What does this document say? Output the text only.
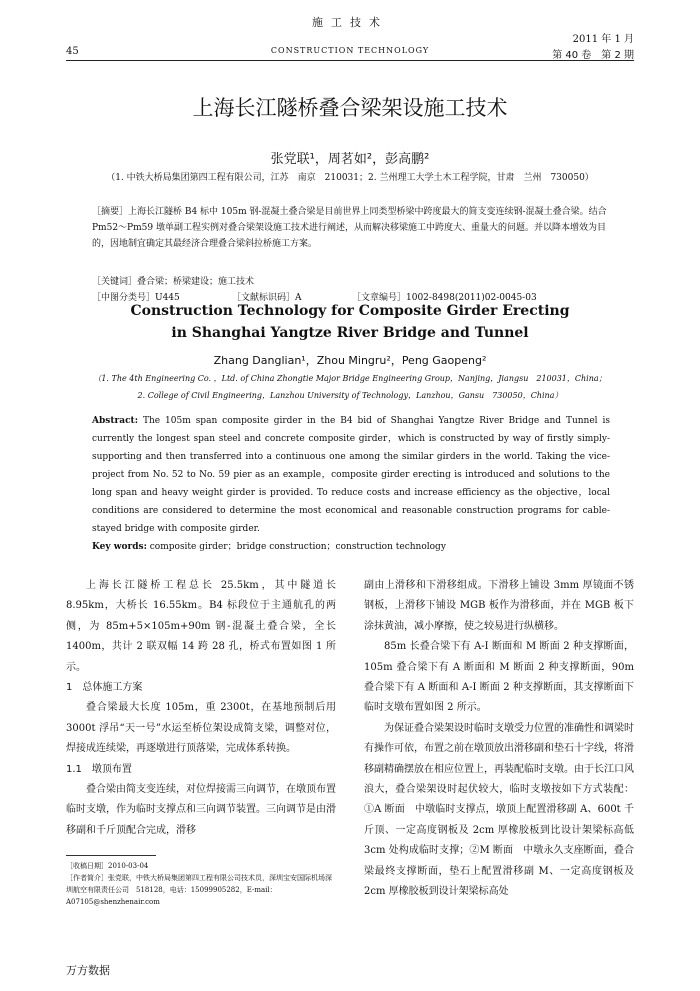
施工技术
2011 年 1 月
45	CONSTRUCTION TECHNOLOGY	第 40 卷　第 2 期
上海长江隧桥叠合梁架设施工技术
张党联¹，周茗如²，彭高鹏²
（1. 中铁大桥局集团第四工程有限公司，江苏　南京　210031；2. 兰州理工大学土木工程学院，甘肃　兰州　730050）

［摘要］上海长江隧桥 B4 标中 105m 钢-混凝土叠合梁是目前世界上同类型桥梁中跨度最大的简支变连续钢-混凝土叠合梁。结合 Pm52～Pm59 墩单副工程实例对叠合梁架设施工技术进行阐述，从而解决移梁施工中跨度大、重量大的问题。并以降本增效为目的，因地制宜确定其最经济合理叠合梁斜拉桥施工方案。

［关键词］叠合梁；桥梁建设；施工技术
［中图分类号］U445	［文献标识码］A	［文章编号］1002-8498(2011)02-0045-03
Construction Technology for Composite Girder Erecting
in Shanghai Yangtze River Bridge and Tunnel
Zhang Danglian¹，Zhou Mingru²，Peng Gaopeng²
（1. The 4th Engineering Co. ，Ltd. of China Zhongtie Major Bridge Engineering Group，Nanjing，Jiangsu　210031，China；
2. College of Civil Engineering，Lanzhou University of Technology，Lanzhou，Gansu　730050，China）
Abstract: The 105m span composite girder in the B4 bid of Shanghai Yangtze River Bridge and Tunnel is currently the longest span steel and concrete composite girder，which is constructed by way of firstly simply-supporting and then transferred into a continuous one among the similar girders in the world. Taking the vice-project from No. 52 to No. 59 pier as an example，composite girder erecting is introduced and solutions to the long span and heavy weight girder is provided. To reduce costs and increase efficiency as the objective，local conditions are considered to determine the most economical and reasonable construction programs for cable-stayed bridge with composite girder.
Key words: composite girder；bridge construction；construction technology

上海长江隧桥工程总长 25.5km，其中隧道长 8.95km，大桥长 16.55km。B4 标段位于主通航孔的两侧，为 85m+5×105m+90m 钢-混凝土叠合梁，全长 1400m，共计 2 联双幅 14 跨 28 孔，桥式布置如图 1 所示。

1　总体施工方案

叠合梁最大长度 105m，重 2300t，在基地预制后用 3000t 浮吊“天一号”水运至桥位架设成简支梁，调整对位，焊接成连续梁，再逐墩进行顶落梁，完成体系转换。

1.1　墩顶布置

叠合梁由简支变连续，对位焊接需三向调节，在墩顶布置临时支墩，作为临时支撑点和三向调节装置。三向调节是由滑移副和千斤顶配合完成，滑移

副由上滑移和下滑移组成。下滑移上铺设 3mm 厚镜面不锈钢板，上滑移下铺设 MGB 板作为滑移面，并在 MGB 板下涂抹黄油，减小摩擦，使之较易进行纵横移。

85m 长叠合梁下有 A-I 断面和 M 断面 2 种支撑断面，105m 叠合梁下有 A 断面和 M 断面 2 种支撑断面，90m 叠合梁下有 A 断面和 A-I 断面 2 种支撑断面，其支撑断面下临时支墩布置如图 2 所示。

为保证叠合梁架设时临时支墩受力位置的准确性和调梁时有操作可依，布置之前在墩顶放出滑移副和垫石十字线，将滑移副精确摆放在相应位置上，再装配临时支墩。由于长江口风浪大，叠合梁架设时起伏较大，临时支墩按如下方式装配：①A 断面　中墩临时支撑点，墩顶上配置滑移副 A、600t 千斤顶、一定高度钢板及 2cm 厚橡胶板到比设计架梁标高低 3cm 处构成临时支撑；②M 断面　中墩永久支座断面，叠合梁最终支撑断面，垫石上配置滑移副 M、一定高度钢板及 2cm 厚橡胶板到设计架梁标高处

［收稿日期］2010-03-04

［作者简介］张党联，中铁大桥局集团第四工程有限公司技术员，深圳宝安国际机场深圳航空有限责任公司　518128，电话：15099905282，E-mail：A07105@shenzhenair.com

万方数据
